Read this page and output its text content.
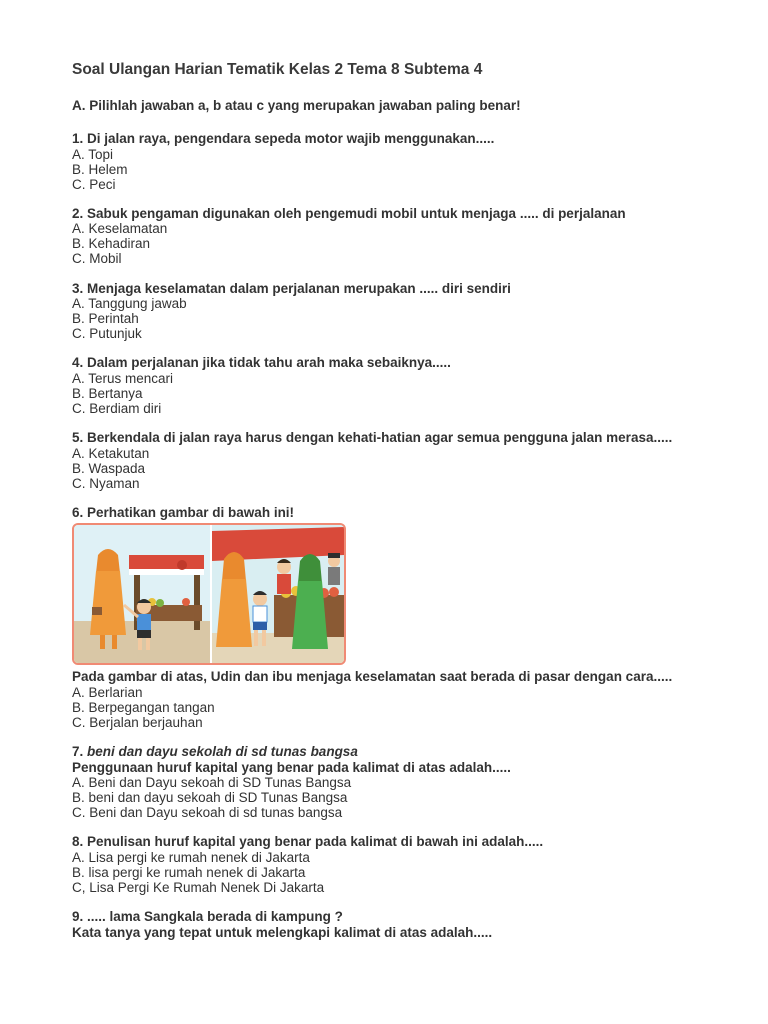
Soal Ulangan Harian Tematik Kelas 2 Tema 8 Subtema 4
A. Pilihlah jawaban a, b atau c yang merupakan jawaban paling benar!
1. Di jalan raya, pengendara sepeda motor wajib menggunakan.....
A. Topi
B. Helem
C. Peci
2. Sabuk pengaman digunakan oleh pengemudi mobil untuk menjaga ..... di perjalanan
A. Keselamatan
B. Kehadiran
C. Mobil
3. Menjaga keselamatan dalam perjalanan merupakan ..... diri sendiri
A. Tanggung jawab
B. Perintah
C. Putunjuk
4. Dalam perjalanan jika tidak tahu arah maka sebaiknya.....
A. Terus mencari
B. Bertanya
C. Berdiam diri
5. Berkendala di jalan raya harus dengan kehati-hatian agar semua pengguna jalan merasa.....
A. Ketakutan
B. Waspada
C. Nyaman
6. Perhatikan gambar di bawah ini!
Pada gambar di atas, Udin dan ibu menjaga keselamatan saat berada di pasar dengan cara.....
A. Berlarian
B. Berpegangan tangan
C. Berjalan berjauhan
7. beni dan dayu sekolah di sd tunas bangsa
Penggunaan huruf kapital yang benar pada kalimat di atas adalah.....
A. Beni dan Dayu sekoah di SD Tunas Bangsa
B. beni dan dayu sekoah di SD Tunas Bangsa
C. Beni dan Dayu sekoah di sd tunas bangsa
8. Penulisan huruf kapital yang benar pada kalimat di bawah ini adalah.....
A. Lisa pergi ke rumah nenek di Jakarta
B. lisa pergi ke rumah nenek di Jakarta
C, Lisa Pergi Ke Rumah Nenek Di Jakarta
9. ..... lama Sangkala berada di kampung ?
Kata tanya yang tepat untuk melengkapi kalimat di atas adalah.....
